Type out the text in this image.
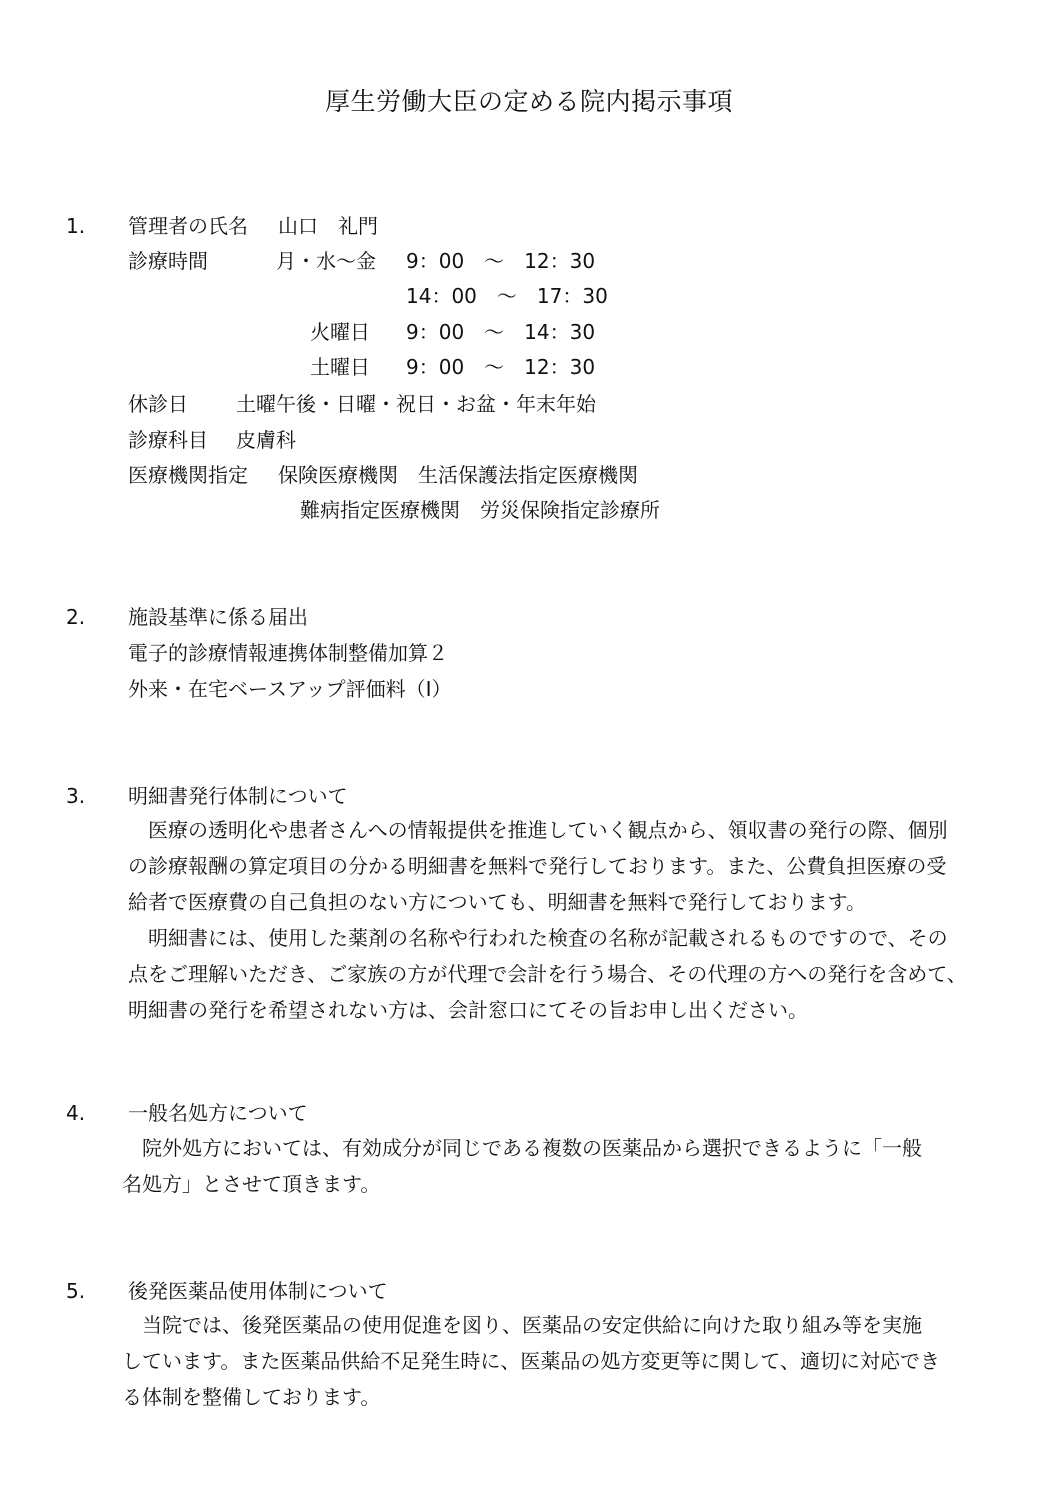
厚生労働大臣の定める院内掲示事項
1. 管理者の氏名 山口　礼門
診療時間	月・水～金 9：00　～　12：30
14：00　～　17：30
火曜日 9：00　～　14：30
土曜日 9：00　～　12：30
休診日 土曜午後・日曜・祝日・お盆・年末年始
診療科目 皮膚科
医療機関指定 保険医療機関　生活保護法指定医療機関
難病指定医療機関　労災保険指定診療所
2. 施設基準に係る届出
電子的診療情報連携体制整備加算２
外来・在宅ベースアップ評価料（Ⅰ）
3. 明細書発行体制について
医療の透明化や患者さんへの情報提供を推進していく観点から、領収書の発行の際、個別
の診療報酬の算定項目の分かる明細書を無料で発行しております。また、公費負担医療の受
給者で医療費の自己負担のない方についても、明細書を無料で発行しております。
明細書には、使用した薬剤の名称や行われた検査の名称が記載されるものですので、その
点をご理解いただき、ご家族の方が代理で会計を行う場合、その代理の方への発行を含めて、
明細書の発行を希望されない方は、会計窓口にてその旨お申し出ください。
4. 一般名処方について
院外処方においては、有効成分が同じである複数の医薬品から選択できるように「一般
名処方」とさせて頂きます。
5. 後発医薬品使用体制について
当院では、後発医薬品の使用促進を図り、医薬品の安定供給に向けた取り組み等を実施
しています。また医薬品供給不足発生時に、医薬品の処方変更等に関して、適切に対応でき
る体制を整備しております。
